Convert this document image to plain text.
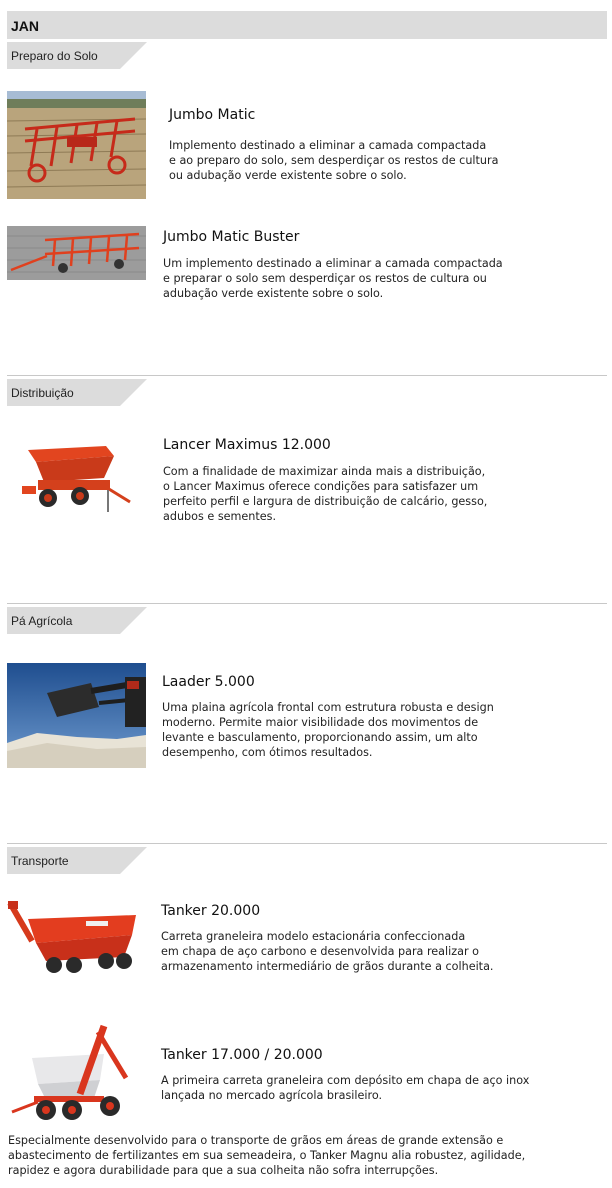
JAN
Preparo do Solo
Jumbo Matic
Implemento destinado a eliminar a camada compactada
e ao preparo do solo, sem desperdiçar os restos de cultura
ou adubação verde existente sobre o solo.
Jumbo Matic Buster
Um implemento destinado a eliminar a camada compactada
e preparar o solo sem desperdiçar os restos de cultura ou
adubação verde existente sobre o solo.
Distribuição
Lancer Maximus 12.000
Com a finalidade de maximizar ainda mais a distribuição,
o Lancer Maximus oferece condições para satisfazer um
perfeito perfil e largura de distribuição de calcário, gesso,
adubos e sementes.
Pá Agrícola
Laader 5.000
Uma plaina agrícola frontal com estrutura robusta e design
moderno. Permite maior visibilidade dos movimentos de
levante e basculamento, proporcionando assim, um alto
desempenho, com ótimos resultados.
Transporte
Tanker 20.000
Carreta graneleira modelo estacionária confeccionada
em chapa de aço carbono e desenvolvida para realizar o
armazenamento intermediário de grãos durante a colheita.
Tanker 17.000 / 20.000
A primeira carreta graneleira com depósito em chapa de aço inox
lançada no mercado agrícola brasileiro.
Especialmente desenvolvido para o transporte de grãos em áreas de grande extensão e
abastecimento de fertilizantes em sua semeadeira, o Tanker Magnu alia robustez, agilidade,
rapidez e agora durabilidade para que a sua colheita não sofra interrupções.
